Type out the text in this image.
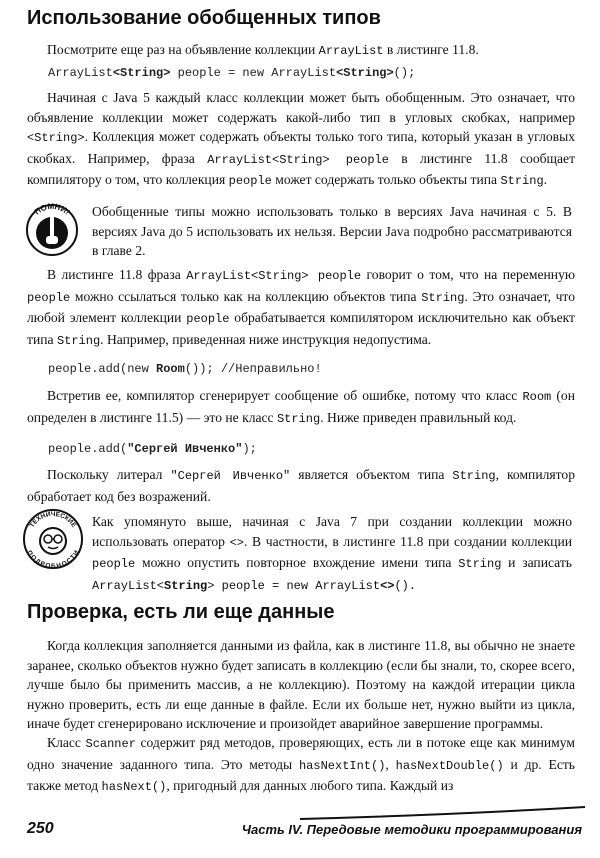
Использование обобщенных типов

Посмотрите еще раз на объявление коллекции ArrayList в листинге 11.8.

ArrayList<String> people = new ArrayList<String>();

Начиная с Java 5 каждый класс коллекции может быть обобщенным. Это означает, что объявление коллекции может содержать какой-либо тип в угловых скобках, например <String>. Коллекция может содержать объекты только того типа, который указан в угловых скобках. Например, фраза ArrayList<String> people в листинге 11.8 сообщает компилятору о том, что коллекция people может содержать только объекты типа String.

ПОМНИ! Обобщенные типы можно использовать только в версиях Java начиная с 5. В версиях Java до 5 использовать их нельзя. Версии Java подробно рассматриваются в главе 2.

В листинге 11.8 фраза ArrayList<String> people говорит о том, что на переменную people можно ссылаться только как на коллекцию объектов типа String. Это означает, что любой элемент коллекции people обрабатывается компилятором исключительно как объект типа String. Например, приведенная ниже инструкция недопустима.

people.add(new Room()); //Неправильно!

Встретив ее, компилятор сгенерирует сообщение об ошибке, потому что класс Room (он определен в листинге 11.5) — это не класс String. Ниже приведен правильный код.

people.add("Сергей Ивченко");

Поскольку литерал "Сергей Ивченко" является объектом типа String, компилятор обработает код без возражений.

ТЕХНИЧЕСКИЕ
ПОДРОБНОСТИ

Как упомянуто выше, начиная с Java 7 при создании коллекции можно использовать оператор <>. В частности, в листинге 11.8 при создании коллекции people можно опустить повторное вхождение имени типа String и записать ArrayList<String> people = new ArrayList<>().

Проверка, есть ли еще данные

Когда коллекция заполняется данными из файла, как в листинге 11.8, вы обычно не знаете заранее, сколько объектов нужно будет записать в коллекцию (если бы знали, то, скорее всего, лучше было бы применить массив, а не коллекцию). Поэтому на каждой итерации цикла нужно проверить, есть ли еще данные в файле. Если их больше нет, нужно выйти из цикла, иначе будет сгенерировано исключение и произойдет аварийное завершение программы.

Класс Scanner содержит ряд методов, проверяющих, есть ли в потоке еще как минимум одно значение заданного типа. Это методы hasNextInt(), hasNextDouble() и др. Есть также метод hasNext(), пригодный для данных любого типа. Каждый из

250	Часть IV. Передовые методики программирования
